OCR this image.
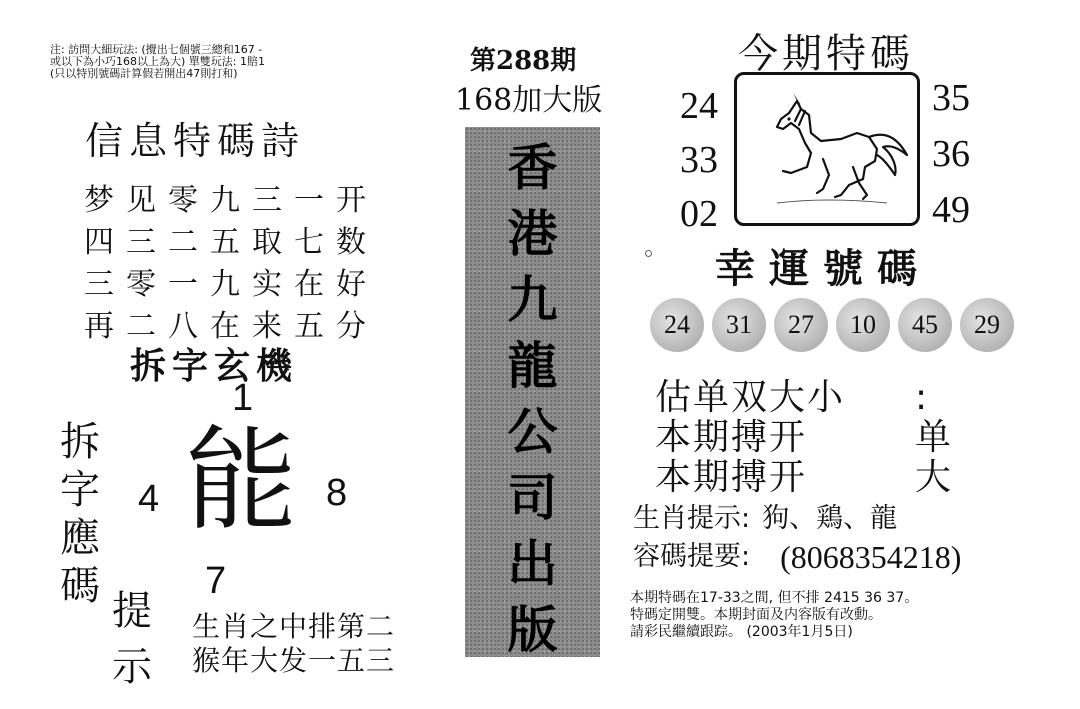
注: 訪問大細玩法: (攪出七個號三總和167 -
或以下為小巧168以上為大) 單雙玩法: 1賠1
(只以特別號碼計算假若開出47則打和)
信息特碼詩
梦 见 零 九 三 一 开
四 三 二 五 取 七 数
三 零 一 九 实 在 好
再 二 八 在 来 五 分
拆字玄機
1
4	8
能
7
拆
字
應
碼
提
示
生肖之中排第二
猴年大发一五三
第288期
168加大版
香
港
九
龍
公
司
出
版
今期特碼
24
33
02
35
36
49
幸運號碼
24	31	27	10	45	29
估单双大小	:
本期搏开	单
本期搏开	大
生肖提示: 狗、鶏、龍
容碼提要: (8068354218)
本期特碼在17-33之間, 但不排 2415 36 37。
特碼定開雙。本期封面及内容版有改動。
請彩民繼續跟踪。 (2003年1月5日)
